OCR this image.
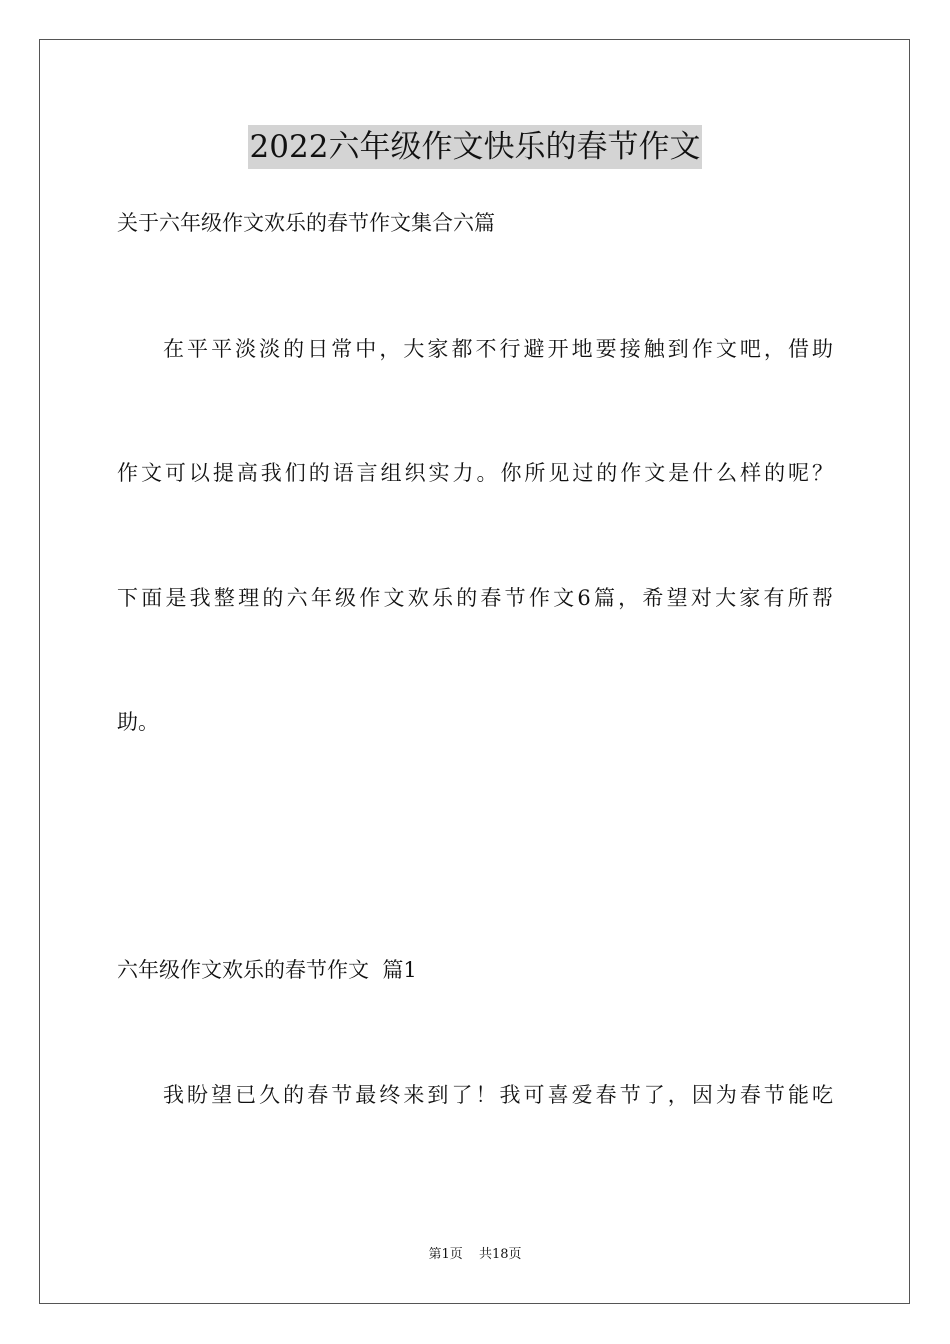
2022六年级作文快乐的春节作文
关于六年级作文欢乐的春节作文集合六篇
在平平淡淡的日常中，大家都不行避开地要接触到作文吧，借助
作文可以提高我们的语言组织实力。你所见过的作文是什么样的呢？
下面是我整理的六年级作文欢乐的春节作文6篇，希望对大家有所帮
助。
六年级作文欢乐的春节作文  篇1
我盼望已久的春节最终来到了！我可喜爱春节了，因为春节能吃
第1页 共18页
